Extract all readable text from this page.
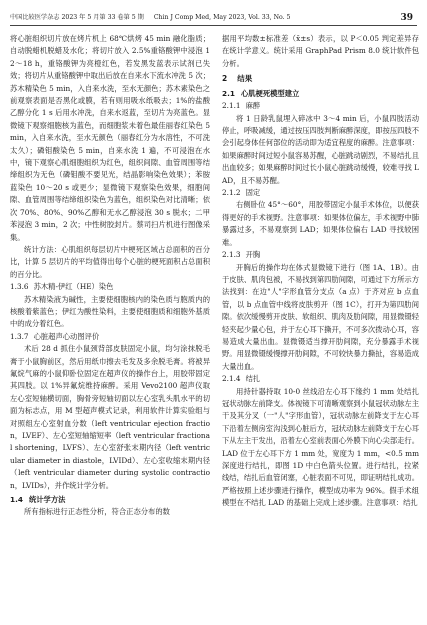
中国比较医学杂志 2023 年 5 月第 33 卷第 5 期 Chin J Comp Med, May 2023, Vol. 33, No. 5	39

将心脏组织切片放在烤片机上 68℃烘烤 45 min 融化脂质；自动脱蜡机脱蜡及水化；将切片放入 2.5%重铬酸钾中浸泡 12～18 h，重铬酸钾为亮橙红色，若发黑发蓝表示试剂已失效；将切片从重铬酸钾中取出后放在自来水下流水冲洗 5 次；苏木精染色 5 min，入自来水洗，至水无颜色；苏木素染色之前观察表面是否黑化或膜，若有则用吸水纸吸去；1%的盐酸乙醇分化 1 s 后用水冲洗，自来水返蓝，至切片为亮蓝色。显微镜下观察细胞核为蓝色，而细胞浆未着色最佳丽春红染色 5 min，入自来水洗，至水无颜色（丽春红分为水溶性，不可洗太久）；磷钼酸染色 5 min，自来水洗 1 遍，不可浸泡在水中，镜下观察心肌细胞组织为红色，组织间隙、血管周围等结缔组织为无色（磷钼酸不要见光，结晶影响染色效果）；苯胺蓝染色 10～20 s 或更少；显微镜下观察染色效果，细胞间隙、血管周围等结缔组织染色为蓝色，组织染色对比清晰；依次 70%、80%、90%乙醇和无水乙醇浸泡 30 s 脱水；二甲苯浸泡 3 min，2 次；中性树胶封片。蔡司扫片机进行图像采集。

统计方法：心肌组织每层切片中梗死区域占总面积的百分比，计算 5 层切片的平均值得出每个心脏的梗死面积占总面积的百分比。

1.3.6 苏木精-伊红（HE）染色

苏木精染液为碱性，主要使细胞核内的染色质与胞质内的核酸着紫蓝色；伊红为酸性染料，主要使细胞质和细胞外基质中的成分着红色。

1.3.7 心脏超声心动图评价

术后 28 d 抓住小鼠颈背部皮肤固定小鼠，均匀涂抹脱毛膏于小鼠胸前区，然后用纸巾擦去毛发及多余脱毛膏。将被异氟烷气麻的小鼠仰卧位固定在超声仪的操作台上，用胶带固定其四肢。以 1%异氟烷维持麻醉。采用 Vevo2100 超声仪取左心室短轴横切面，胸骨旁短轴切面以左心室乳头肌水平的切面为标志点，用 M 型超声模式记录，利用软件计算实验组与对照组左心室射血分数（left ventricular ejection fraction，LVEF）、左心室短轴缩短率（left ventricular fractional shortening，LVFS）、左心室舒张末期内径（left ventricular diameter in diastole，LVIDd）、左心室收缩末期内径（left ventricular diameter during systolic contraction，LVIDs），并作统计学分析。

1.4 统计学方法

所有指标进行正态性分析，符合正态分布的数

据用平均数±标准差（x̄±s）表示，以 P＜0.05 判定差异存在统计学意义。统计采用 GraphPad Prism 8.0 统计软件包分析。

2 结果
2.1 心肌梗死模型建立
2.1.1 麻醉

将 1 日龄乳鼠埋入碎冰中 3～4 min 后，小鼠四肢活动停止，呼吸减缓，通过按压四肢判断麻醉深度，即按压四肢不会引起身体任何部位的活动即为适宜程度的麻醉。注意事项：如果麻醉时间过短小鼠容易苏醒，心脏跳动剧烈，不易结扎且出血较多；如果麻醉时间过长小鼠心脏跳动缓慢，较难寻找 LAD，且不易苏醒。

2.1.2 固定

右侧卧位 45°～60°，用胶带固定小鼠手术体位，以便获得更好的手术视野。注意事项：如果体位偏左，手术视野中肺暴露过多，不易观察到 LAD；如果体位偏右 LAD 寻找较困难。

2.1.3 开胸

开胸后的操作均在体式显微镜下进行（图 1A、1B）。由于皮肤、肌肉包被，不易找到第四肋间隙，可通过下方所示方法找到：在边"人"字形血管分支点（a 点）于齐对应 b 点血管，以 b 点血管中线将皮肤剪开（图 1C），打开为第四肋间隙。依次缓慢剪开皮肤、软组织、肌肉及肋间隙，用显微镊轻轻夹起少量心包，并于左心耳下撕开，不可多次拨动心耳，容易造成大量出血。显微镊适当撑开肋间隙，充分暴露手术视野。用显微镊缓慢撑开肋间隙，不可较快暴力撕扯，容易造成大量出血。

2.1.4 结扎

用持针器持取 10-0 丝线沿左心耳下缘约 1 mm 处结扎冠状动脉左前降支。体视镜下可清晰观察到小鼠冠状动脉左主干及其分叉（一"人"字形血管），冠状动脉左前降支于左心耳下沿着左侧房室沟浅到心脏后方，冠状动脉左前降支于左心耳下从左主干发出，沿着左心室前表面心外膜下向心尖部走行。LAD 位于左心耳下方 1 mm 处，宽度为 1 mm，<0.5 mm 深度进行结扎，即图 1D 中白色箭头位置。进行结扎，拉紧线结，结扎后血管闭塞，心脏表面不可见，即证明结扎成功。严格按照上述步骤进行操作，模型成功率为 96%。假手术组模型在不结扎 LAD 的基础上完成上述步骤。注意事项：结扎
